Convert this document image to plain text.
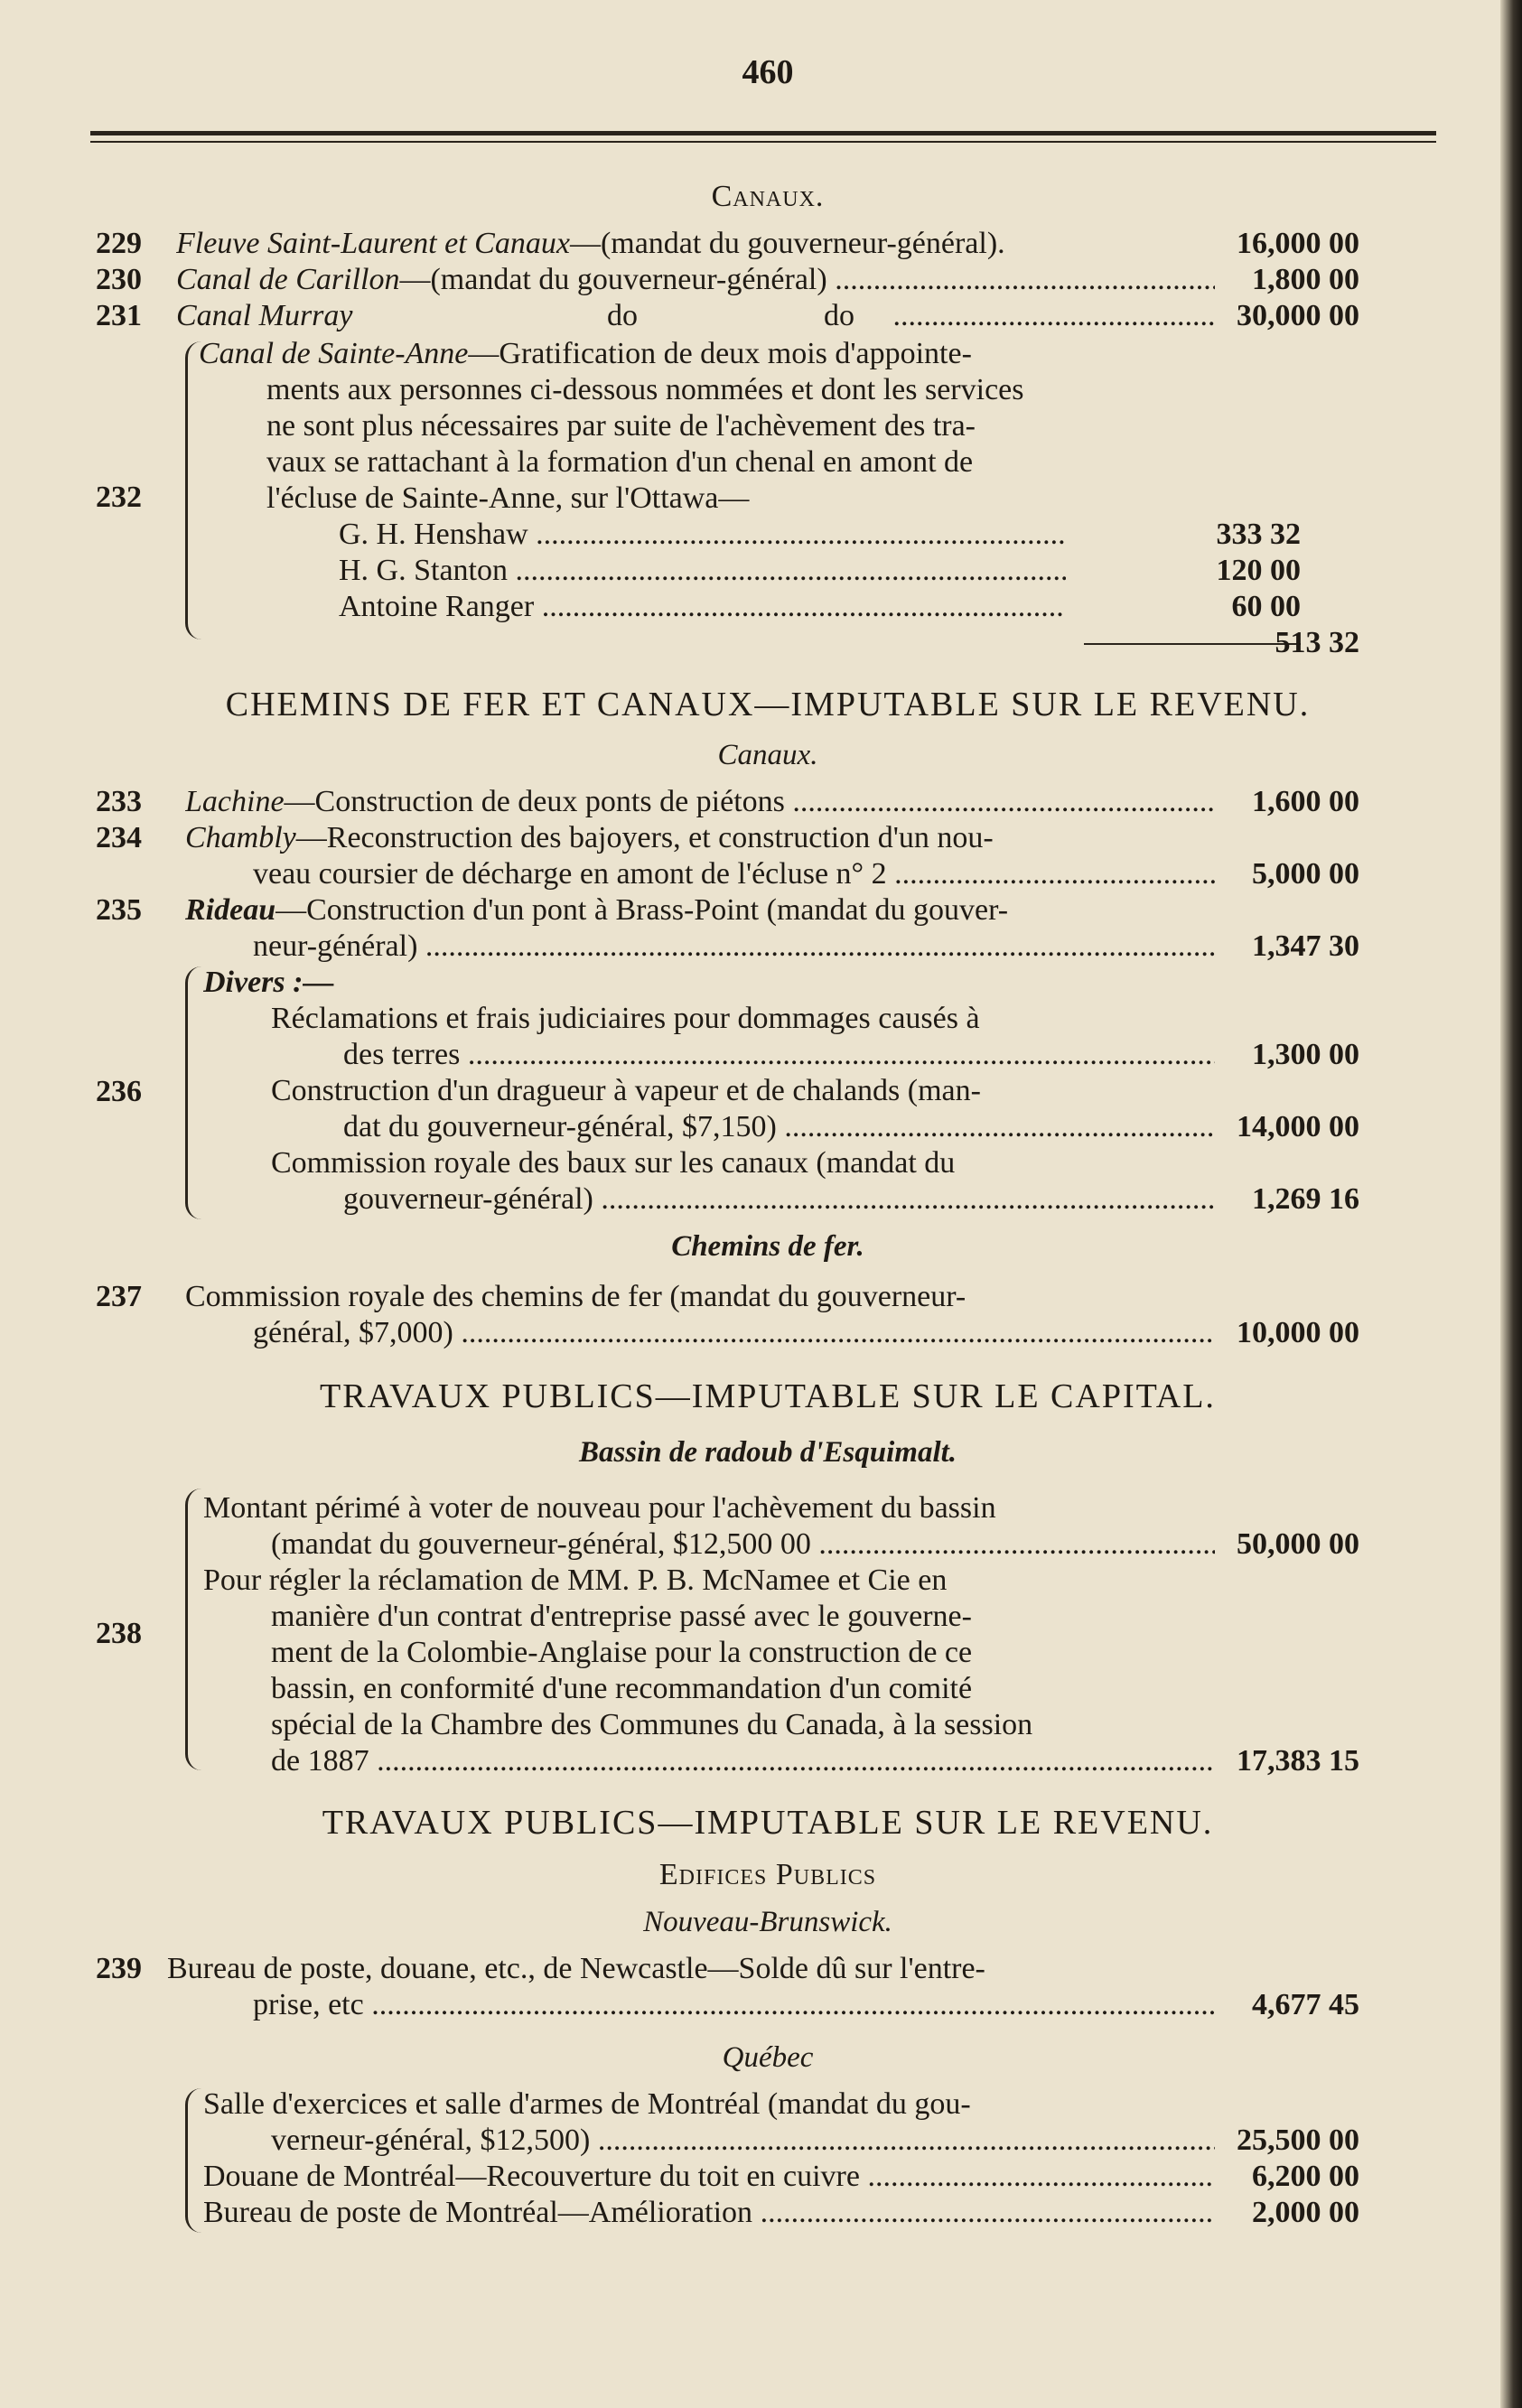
460
Canaux.
229 Fleuve Saint-Laurent et Canaux—(mandat du gouverneur-général).	16,000 00
230 Canal de Carillon—(mandat du gouverneur-général) .....	1,800 00
231 Canal Murray	do	do     .....	30,000 00
232
Canal de Sainte-Anne—Gratification de deux mois d'appointe-
ments aux personnes ci-dessous nommées et dont les services
ne sont plus nécessaires par suite de l'achèvement des tra-
vaux se rattachant à la formation d'un chenal en amont de
l'écluse de Sainte-Anne, sur l'Ottawa—
G. H. Henshaw .....	333 32
H. G. Stanton .....	120 00
Antoine Ranger .....	60 00
513 32
CHEMINS DE FER ET CANAUX—IMPUTABLE SUR LE REVENU.
Canaux.
233 Lachine—Construction de deux ponts de piétons .....	1,600 00
234 Chambly—Reconstruction des bajoyers, et construction d'un nou-
veau coursier de décharge en amont de l'écluse n° 2 .....	5,000 00
235 Rideau—Construction d'un pont à Brass-Point (mandat du gouver-
neur-général) .....	1,347 30
236
Divers :—
Réclamations et frais judiciaires pour dommages causés à
des terres .....	1,300 00
Construction d'un dragueur à vapeur et de chalands (man-
dat du gouverneur-général, $7,150) .....	14,000 00
Commission royale des baux sur les canaux (mandat du
gouverneur-général) .....	1,269 16
Chemins de fer.
237 Commission royale des chemins de fer (mandat du gouverneur-
général, $7,000) .....	10,000 00
TRAVAUX PUBLICS—IMPUTABLE SUR LE CAPITAL.
Bassin de radoub d'Esquimalt.
238
Montant périmé à voter de nouveau pour l'achèvement du bassin
(mandat du gouverneur-général, $12,500 00 .....	50,000 00
Pour régler la réclamation de MM. P. B. McNamee et Cie en
manière d'un contrat d'entreprise passé avec le gouverne-
ment de la Colombie-Anglaise pour la construction de ce
bassin, en conformité d'une recommandation d'un comité
spécial de la Chambre des Communes du Canada, à la session
de 1887 .....	17,383 15
TRAVAUX PUBLICS—IMPUTABLE SUR LE REVENU.
Edifices Publics
Nouveau-Brunswick.
239 Bureau de poste, douane, etc., de Newcastle—Solde dû sur l'entre-
prise, etc .....	4,677 45
Québec
Salle d'exercices et salle d'armes de Montréal (mandat du gou-
verneur-général, $12,500) .....	25,500 00
Douane de Montréal—Recouverture du toit en cuivre .....	6,200 00
Bureau de poste de Montréal—Amélioration .....	2,000 00
